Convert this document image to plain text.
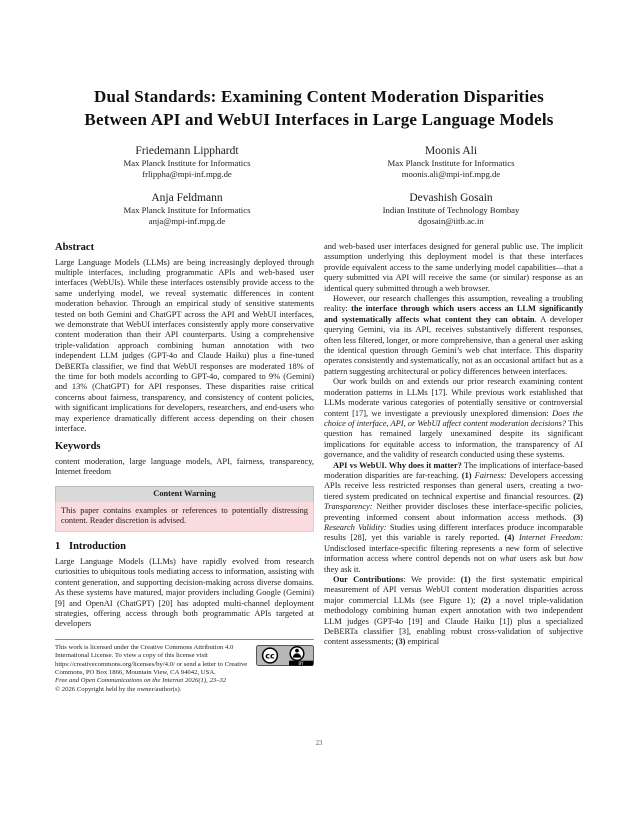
Dual Standards: Examining Content Moderation Disparities Between API and WebUI Interfaces in Large Language Models
Friedemann Lipphardt
Max Planck Institute for Informatics
frlippha@mpi-inf.mpg.de
Moonis Ali
Max Planck Institute for Informatics
moonis.ali@mpi-inf.mpg.de
Anja Feldmann
Max Planck Institute for Informatics
anja@mpi-inf.mpg.de
Devashish Gosain
Indian Institute of Technology Bombay
dgosain@iitb.ac.in
Abstract

Large Language Models (LLMs) are being increasingly deployed through multiple interfaces, including programmatic APIs and web-based user interfaces (WebUIs). While these interfaces ostensibly provide access to the same underlying model, we reveal systematic differences in content moderation behavior. Through an empirical study of sensitive statements tested on both Gemini and ChatGPT across the API and WebUI interfaces, we demonstrate that WebUI interfaces consistently apply more conservative content moderation than their API counterparts. Using a comprehensive triple-validation approach combining human annotation with two independent LLM judges (GPT-4o and Claude Haiku) plus a fine-tuned DeBERTa classifier, we find that WebUI responses are moderated 18% of the time for both models according to GPT-4o, compared to 9% (Gemini) and 13% (ChatGPT) for API responses. These disparities raise critical concerns about fairness, transparency, and consistency of content policies, with significant implications for developers, researchers, and end-users who may experience dramatically different access depending on their chosen interface.

Keywords

content moderation, large language models, API, fairness, transparency, Internet freedom

Content Warning
This paper contains examples or references to potentially distressing content. Reader discretion is advised.
1 Introduction

Large Language Models (LLMs) have rapidly evolved from research curiosities to ubiquitous tools mediating access to information, assisting with content generation, and supporting decision-making across diverse domains. As these systems have matured, major providers including Google (Gemini) [9] and OpenAI (ChatGPT) [20] has adopted multi-channel deployment strategies, offering access through both programmatic APIs targeted at developers

cc
BY
This work is licensed under the Creative Commons Attribution 4.0 International License. To view a copy of this license visit https://creativecommons.org/licenses/by/4.0/ or send a letter to Creative Commons, PO Box 1866, Mountain View, CA 94042, USA.
Free and Open Communications on the Internet 2026(1), 23–32
© 2026 Copyright held by the owner/author(s).

and web-based user interfaces designed for general public use. The implicit assumption underlying this deployment model is that these interfaces provide equivalent access to the same underlying model capabilities—that a query submitted via API will receive the same (or similar) response as an identical query submitted through a web browser.

However, our research challenges this assumption, revealing a troubling reality: the interface through which users access an LLM significantly and systematically affects what content they can obtain. A developer querying Gemini, via its API, receives substantively different responses, often less filtered, longer, or more comprehensive, than a general user asking the identical question through Gemini’s web chat interface. This disparity operates consistently and systematically, not as an occasional artifact but as a pattern suggesting architectural or policy differences between interfaces.

Our work builds on and extends our prior research examining content moderation patterns in LLMs [17]. While previous work established that LLMs moderate various categories of potentially sensitive or controversial content [17], we investigate a previously unexplored dimension: Does the choice of interface, API, or WebUI affect content moderation decisions? This question has remained largely unexamined despite its significant implications for equitable access to information, the transparency of AI governance, and the validity of research conducted using these systems.

API vs WebUI. Why does it matter? The implications of interface-based moderation disparities are far-reaching. (1) Fairness: Developers accessing APIs receive less restricted responses than general users, creating a two-tiered system predicated on technical expertise and financial resources. (2) Transparency: Neither provider discloses these interface-specific policies, preventing informed consent about information access methods. (3) Research Validity: Studies using different interfaces produce incomparable results [28], yet this variable is rarely reported. (4) Internet Freedom: Undisclosed interface-specific filtering represents a new form of selective information access where control depends not on what users ask but how they ask it.

Our Contributions: We provide: (1) the first systematic empirical measurement of API versus WebUI content moderation disparities across major commercial LLMs (see Figure 1); (2) a novel triple-validation methodology combining human expert annotation with two independent LLM judges (GPT-4o [19] and Claude Haiku [1]) plus a specialized DeBERTa classifier [3], enabling robust cross-validation of subjective content assessments; (3) empirical

23
